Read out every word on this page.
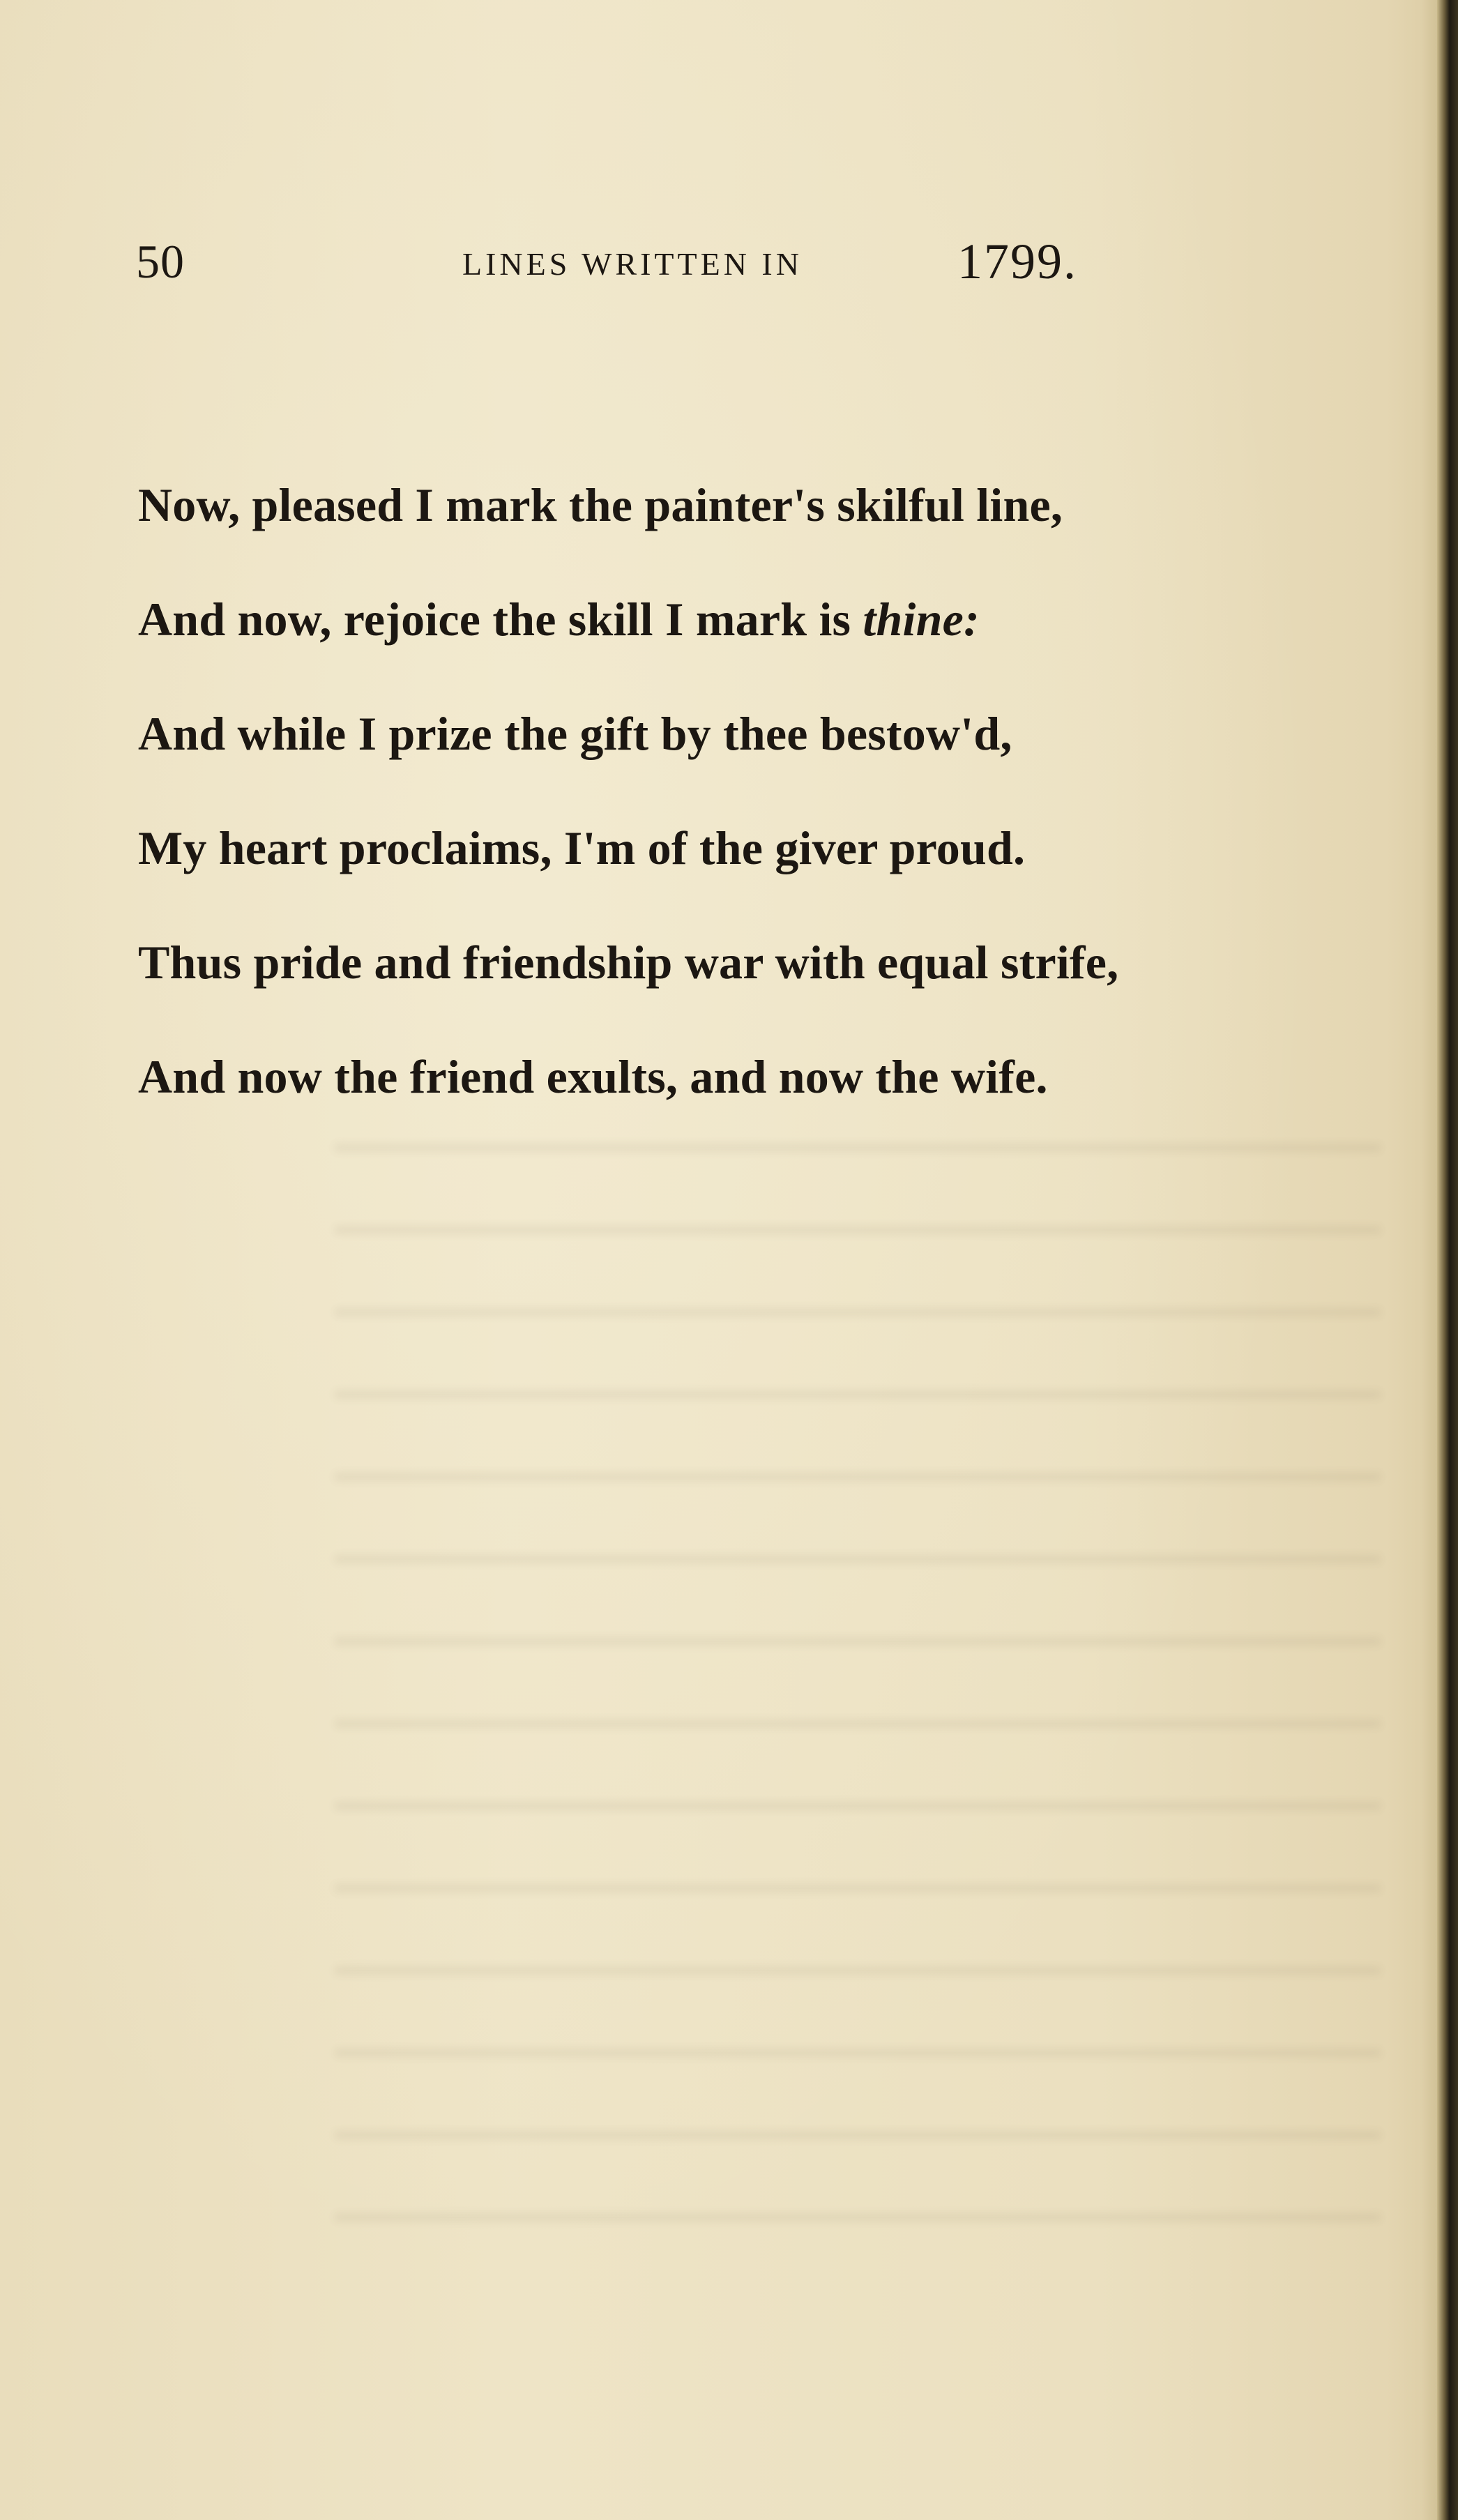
50	LINES WRITTEN IN	1799.
Now, pleased I mark the painter's skilful line,
And now, rejoice the skill I mark is thine:
And while I prize the gift by thee bestow'd,
My heart proclaims, I'm of the giver proud.
Thus pride and friendship war with equal strife,
And now the friend exults, and now the wife.
